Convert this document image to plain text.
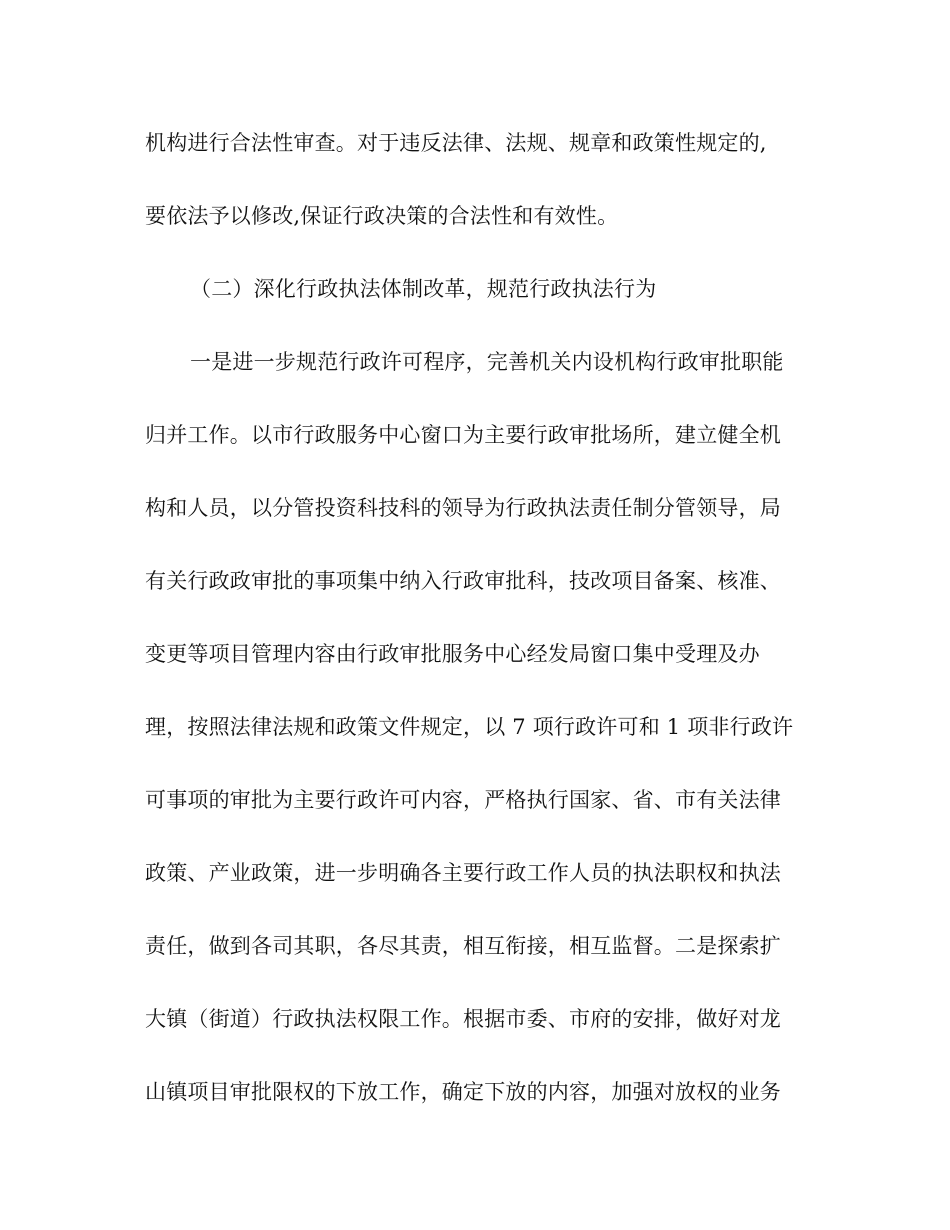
机构进行合法性审查。对于违反法律、法规、规章和政策性规定的,
要依法予以修改,保证行政决策的合法性和有效性。
（二）深化行政执法体制改革，规范行政执法行为
一是进一步规范行政许可程序，完善机关内设机构行政审批职能
归并工作。以市行政服务中心窗口为主要行政审批场所，建立健全机
构和人员，以分管投资科技科的领导为行政执法责任制分管领导，局
有关行政政审批的事项集中纳入行政审批科，技改项目备案、核准、
变更等项目管理内容由行政审批服务中心经发局窗口集中受理及办
理，按照法律法规和政策文件规定，以 7 项行政许可和 1 项非行政许
可事项的审批为主要行政许可内容，严格执行国家、省、市有关法律
政策、产业政策，进一步明确各主要行政工作人员的执法职权和执法
责任，做到各司其职，各尽其责，相互衔接，相互监督。二是探索扩
大镇（街道）行政执法权限工作。根据市委、市府的安排，做好对龙
山镇项目审批限权的下放工作，确定下放的内容，加强对放权的业务
